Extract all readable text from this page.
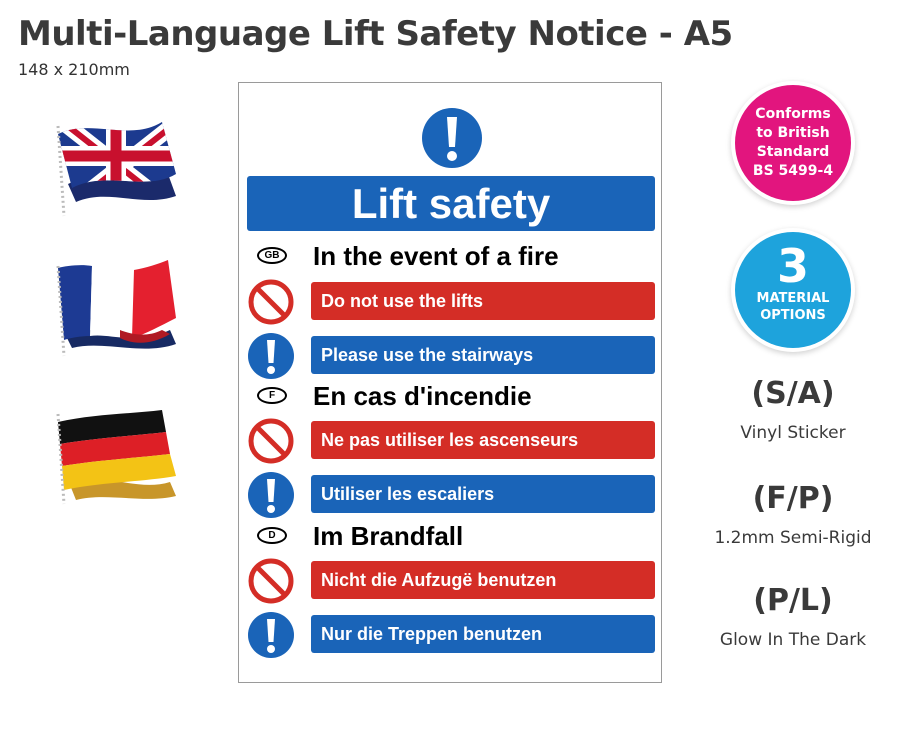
Multi-Language Lift Safety Notice - A5
148 x 210mm
Lift safety
GB In the event of a fire
Do not use the lifts
Please use the stairways
F	En cas d'incendie
Ne pas utiliser les ascenseurs
Utiliser les escaliers
D	Im Brandfall
Nicht die Aufzugë benutzen
Nur die Treppen benutzen
Conforms
to British
Standard
BS 5499-4
3
MATERIAL
OPTIONS
(S/A)
Vinyl Sticker
(F/P)
1.2mm Semi-Rigid
(P/L)
Glow In The Dark
